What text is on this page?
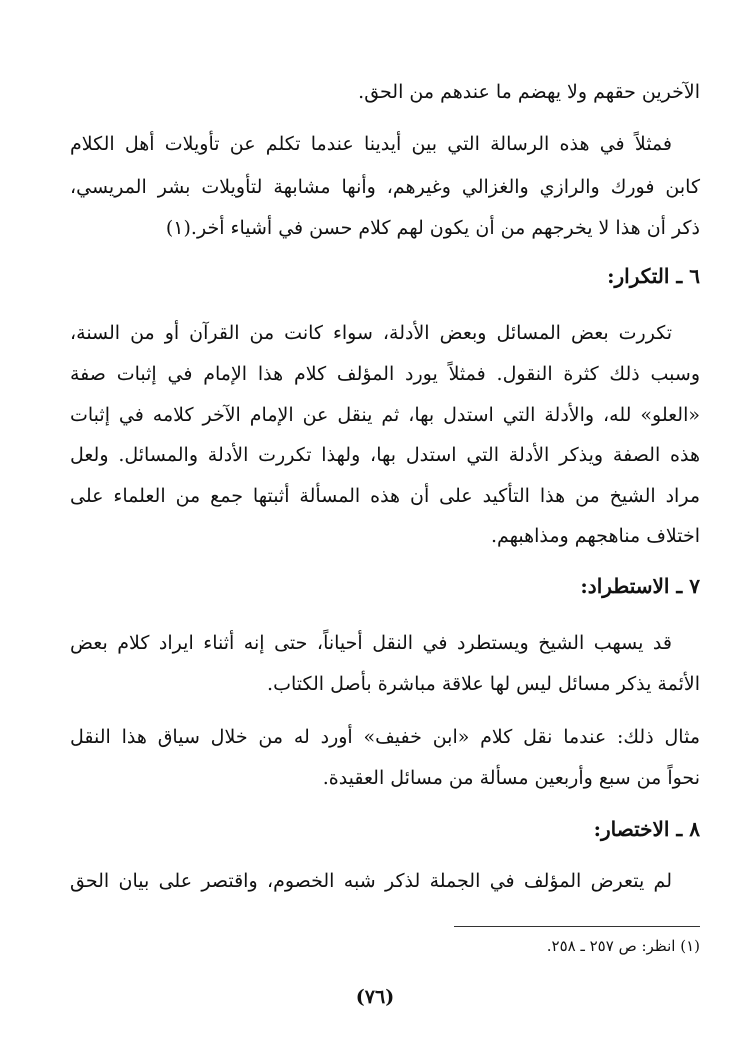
الآخرين حقهم ولا يهضم ما عندهم من الحق.
فمثلاً في هذه الرسالة التي بين أيدينا عندما تكلم عن تأويلات أهل الكلام
كابن فورك والرازي والغزالي وغيرهم، وأنها مشابهة لتأويلات بشر المريسي،
ذكر أن هذا لا يخرجهم من أن يكون لهم كلام حسن في أشياء أخر.(١)
٦ ـ التكرار:
تكررت بعض المسائل وبعض الأدلة، سواء كانت من القرآن أو من السنة،
وسبب ذلك كثرة النقول. فمثلاً يورد المؤلف كلام هذا الإمام في إثبات صفة
«العلو» لله، والأدلة التي استدل بها، ثم ينقل عن الإمام الآخر كلامه في إثبات
هذه الصفة ويذكر الأدلة التي استدل بها، ولهذا تكررت الأدلة والمسائل. ولعل
مراد الشيخ من هذا التأكيد على أن هذه المسألة أثبتها جمع من العلماء على
اختلاف مناهجهم ومذاهبهم.
٧ ـ الاستطراد:
قد يسهب الشيخ ويستطرد في النقل أحياناً، حتى إنه أثناء ايراد كلام بعض
الأئمة يذكر مسائل ليس لها علاقة مباشرة بأصل الكتاب.
مثال ذلك: عندما نقل كلام «ابن خفيف» أورد له من خلال سياق هذا النقل
نحواً من سبع وأربعين مسألة من مسائل العقيدة.
٨ ـ الاختصار:
لم يتعرض المؤلف في الجملة لذكر شبه الخصوم، واقتصر على بيان الحق
(١) انظر: ص ٢٥٧ ـ ٢٥٨.
(٧٦)
